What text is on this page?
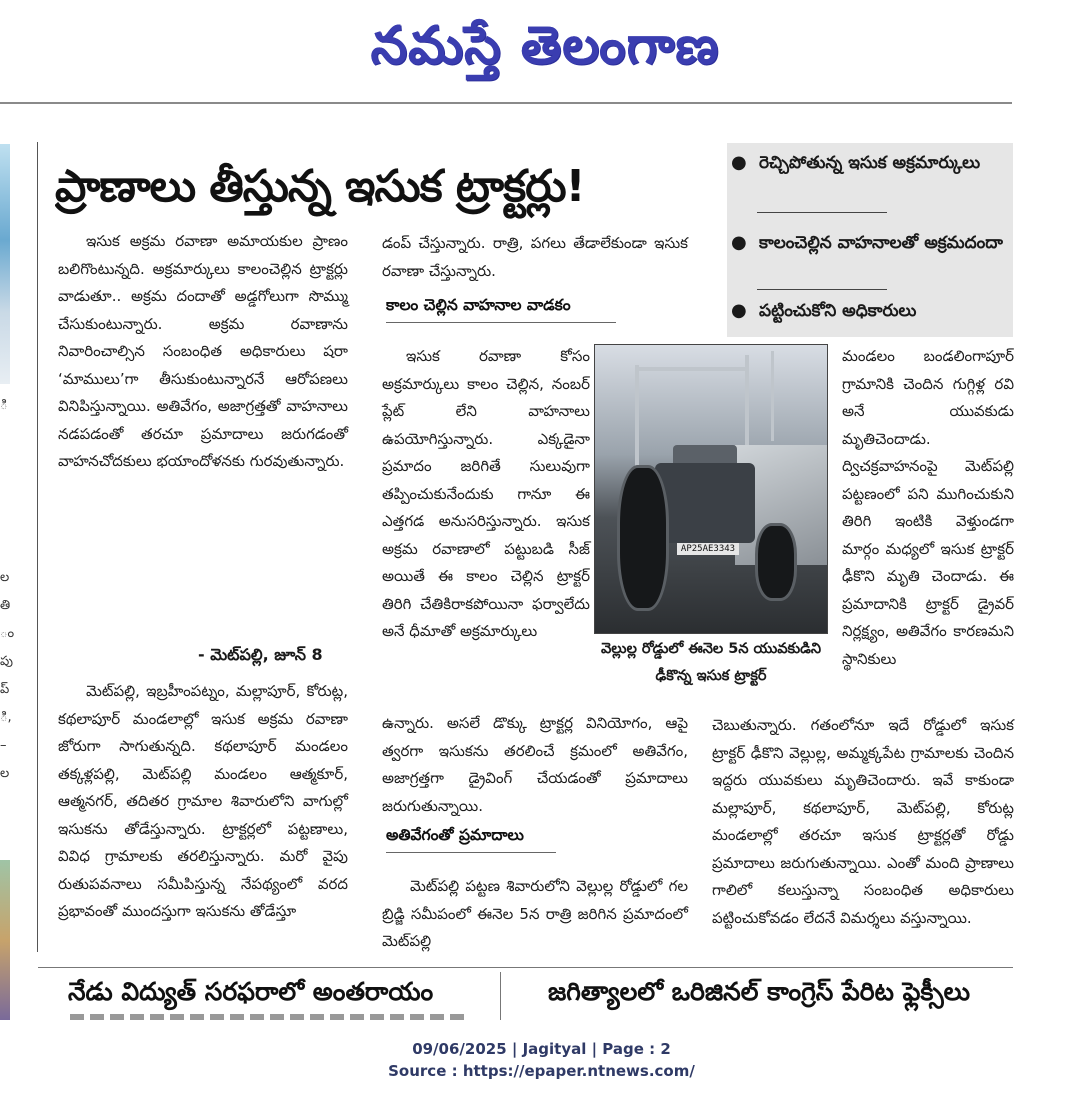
నమస్తే తెలంగాణ
ి
ల
తి
ం
పు
ప్
ి,
–
ల
ప్రాణాలు తీస్తున్న ఇసుక ట్రాక్టర్లు!	● రెచ్చిపోతున్న ఇసుక అక్రమార్కులు
● కాలంచెల్లిన వాహనాలతో అక్రమదందా
● పట్టించుకోని అధికారులు

ఇసుక అక్రమ రవాణా అమాయకుల ప్రాణం బలిగొంటున్నది. అక్రమార్కులు కాలంచెల్లిన ట్రాక్టర్లు వాడుతూ.. అక్రమ దందాతో అడ్డగోలుగా సొమ్ము చేసుకుంటున్నారు. అక్రమ రవాణాను నివారించాల్సిన సంబంధిత అధికారులు షరా ‘మాములు’గా తీసుకుంటున్నారనే ఆరోపణలు వినిపిస్తున్నాయి. అతివేగం, అజాగ్రత్తతో వాహనాలు నడపడంతో తరచూ ప్రమాదాలు జరుగడంతో వాహనచోదకులు భయాందోళనకు గురవుతున్నారు.

- మెట్‌పల్లి, జూన్ 8

మెట్‌పల్లి, ఇబ్రహీంపట్నం, మల్లాపూర్, కోరుట్ల, కథలాపూర్ మండలాల్లో ఇసుక అక్రమ రవాణా జోరుగా సాగుతున్నది. కథలాపూర్ మండలం తక్కళ్లపల్లి, మెట్‌పల్లి మండలం ఆత్మకూర్, ఆత్మనగర్, తదితర గ్రామాల శివారులోని వాగుల్లో ఇసుకను తోడేస్తున్నారు. ట్రాక్టర్లలో పట్టణాలు, వివిధ గ్రామాలకు తరలిస్తున్నారు. మరో వైపు రుతుపవనాలు సమీపిస్తున్న నేపథ్యంలో వరద ప్రభావంతో ముందస్తుగా ఇసుకను తోడేస్తూ

డంప్ చేస్తున్నారు. రాత్రి, పగలు తేడాలేకుండా ఇసుక రవాణా చేస్తున్నారు.

కాలం చెల్లిన వాహనాల వాడకం

ఇసుక రవాణా కోసం అక్రమార్కులు కాలం చెల్లిన, నంబర్ ప్లేట్ లేని వాహనాలు ఉపయోగిస్తున్నారు. ఎక్కడైనా ప్రమాదం జరిగితే సులువుగా తప్పించుకునేందుకు గానూ ఈ ఎత్తగడ అనుసరిస్తున్నారు. ఇసుక అక్రమ రవాణాలో పట్టుబడి సీజ్ అయితే ఈ కాలం చెల్లిన ట్రాక్టర్ తిరిగి చేతికిరాకపోయినా ఫర్వాలేదు అనే ధీమాతో అక్రమార్కులు

ఉన్నారు. అసలే డొక్కు ట్రాక్టర్ల వినియోగం, ఆపై త్వరగా ఇసుకను తరలించే క్రమంలో అతివేగం, అజాగ్రత్తగా డ్రైవింగ్ చేయడంతో ప్రమాదాలు జరుగుతున్నాయి.

అతివేగంతో ప్రమాదాలు

మెట్‌పల్లి పట్టణ శివారులోని వెల్లుల్ల రోడ్డులో గల బ్రిడ్జి సమీపంలో ఈనెల 5న రాత్రి జరిగిన ప్రమాదంలో మెట్‌పల్లి

AP25AE3343
వెల్లుల్ల రోడ్డులో ఈనెల 5న యువకుడిని ఢీకొన్న ఇసుక ట్రాక్టర్

మండలం బండలింగాపూర్ గ్రామానికి చెందిన గుగ్గిళ్ల రవి అనే యువకుడు మృతిచెందాడు. ద్విచక్రవాహనంపై మెట్‌పల్లి పట్టణంలో పని ముగించుకుని తిరిగి ఇంటికి వెళ్తుండగా మార్గం మధ్యలో ఇసుక ట్రాక్టర్ ఢీకొని మృతి చెందాడు. ఈ ప్రమాదానికి ట్రాక్టర్ డ్రైవర్ నిర్లక్ష్యం, అతివేగం కారణమని స్థానికులు

చెబుతున్నారు. గతంలోనూ ఇదే రోడ్డులో ఇసుక ట్రాక్టర్ ఢీకొని వెల్లుల్ల, అమ్మక్కపేట గ్రామాలకు చెందిన ఇద్దరు యువకులు మృతిచెందారు. ఇవే కాకుండా మల్లాపూర్, కథలాపూర్, మెట్‌పల్లి, కోరుట్ల మండలాల్లో తరచూ ఇసుక ట్రాక్టర్లతో రోడ్డు ప్రమాదాలు జరుగుతున్నాయి. ఎంతో మంది ప్రాణాలు గాలిలో కలుస్తున్నా సంబంధిత అధికారులు పట్టించుకోవడం లేదనే విమర్శలు వస్తున్నాయి.

నేడు విద్యుత్ సరఫరాలో అంతరాయం	జగిత్యాలలో ఒరిజినల్ కాంగ్రెస్ పేరిట ఫ్లెక్సీలు
09/06/2025 | Jagityal | Page : 2
Source : https://epaper.ntnews.com/
